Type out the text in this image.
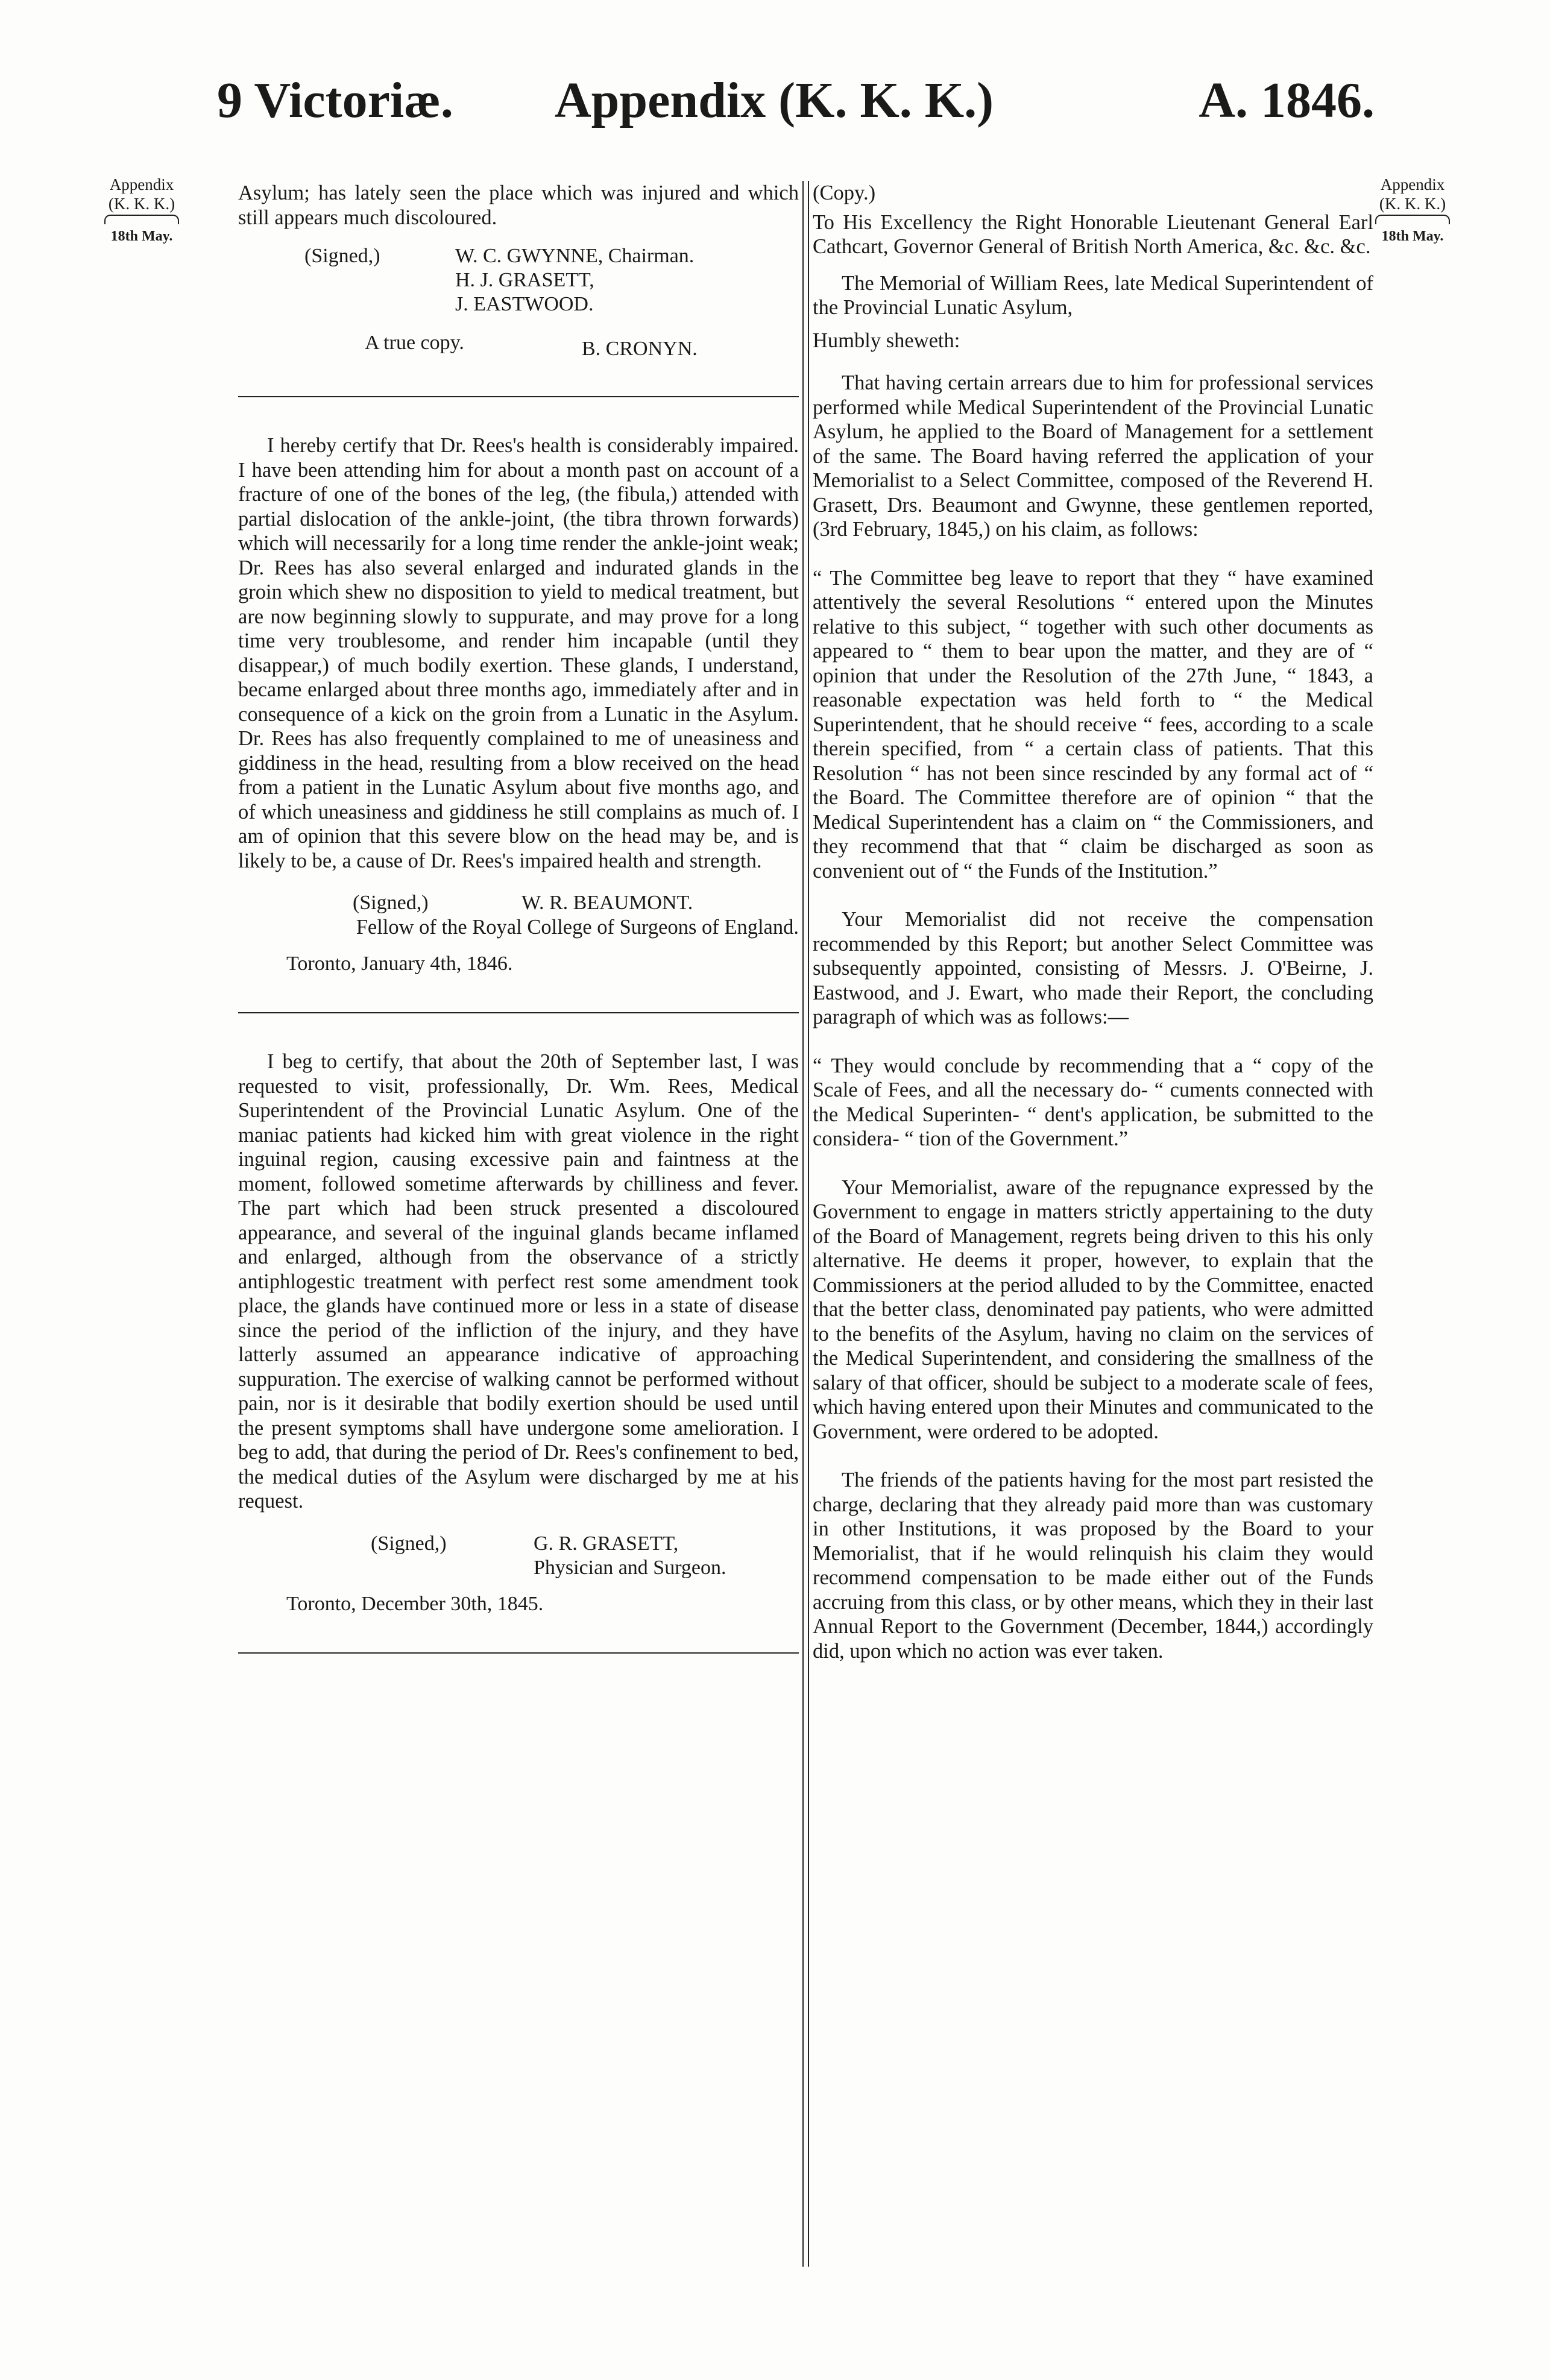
9 Victoriæ. Appendix (K. K. K.)	A. 1846.
Appendix
(K. K. K.)
18th May.
Appendix
(K. K. K.)
18th May.

Asylum; has lately seen the place which was injured and which still appears much discoloured.

(Signed,)	W. C. GWYNNE, Chairman.
H. J. GRASETT,
J. EASTWOOD.
A true copy.	B. CRONYN.

I hereby certify that Dr. Rees's health is considerably impaired. I have been attending him for about a month past on account of a fracture of one of the bones of the leg, (the fibula,) attended with partial dislocation of the ankle-joint, (the tibra thrown forwards) which will necessarily for a long time render the ankle-joint weak; Dr. Rees has also several enlarged and indurated glands in the groin which shew no disposition to yield to medical treatment, but are now beginning slowly to suppurate, and may prove for a long time very troublesome, and render him incapable (until they disappear,) of much bodily exertion. These glands, I understand, became enlarged about three months ago, immediately after and in consequence of a kick on the groin from a Lunatic in the Asylum. Dr. Rees has also frequently complained to me of uneasiness and giddiness in the head, resulting from a blow received on the head from a patient in the Lunatic Asylum about five months ago, and of which uneasiness and giddiness he still complains as much of. I am of opinion that this severe blow on the head may be, and is likely to be, a cause of Dr. Rees's impaired health and strength.

(Signed,)	W. R. BEAUMONT.

Fellow of the Royal College of Surgeons of England.

Toronto, January 4th, 1846.

I beg to certify, that about the 20th of September last, I was requested to visit, professionally, Dr. Wm. Rees, Medical Superintendent of the Provincial Lunatic Asylum. One of the maniac patients had kicked him with great violence in the right inguinal region, causing excessive pain and faintness at the moment, followed sometime afterwards by chilliness and fever. The part which had been struck presented a discoloured appearance, and several of the inguinal glands became inflamed and enlarged, although from the observance of a strictly antiphlogestic treatment with perfect rest some amendment took place, the glands have continued more or less in a state of disease since the period of the infliction of the injury, and they have latterly assumed an appearance indicative of approaching suppuration. The exercise of walking cannot be performed without pain, nor is it desirable that bodily exertion should be used until the present symptoms shall have undergone some amelioration. I beg to add, that during the period of Dr. Rees's confinement to bed, the medical duties of the Asylum were discharged by me at his request.

(Signed,)	G. R. GRASETT,
Physician and Surgeon.

Toronto, December 30th, 1845.

(Copy.)

To His Excellency the Right Honorable Lieutenant General Earl Cathcart, Governor General of British North America, &c. &c. &c.

The Memorial of William Rees, late Medical Superintendent of the Provincial Lunatic Asylum,

Humbly sheweth:

That having certain arrears due to him for professional services performed while Medical Superintendent of the Provincial Lunatic Asylum, he applied to the Board of Management for a settlement of the same. The Board having referred the application of your Memorialist to a Select Committee, composed of the Reverend H. Grasett, Drs. Beaumont and Gwynne, these gentlemen reported, (3rd February, 1845,) on his claim, as follows:

“ The Committee beg leave to report that they “ have examined attentively the several Resolutions “ entered upon the Minutes relative to this subject, “ together with such other documents as appeared to “ them to bear upon the matter, and they are of “ opinion that under the Resolution of the 27th June, “ 1843, a reasonable expectation was held forth to “ the Medical Superintendent, that he should receive “ fees, according to a scale therein specified, from “ a certain class of patients. That this Resolution “ has not been since rescinded by any formal act of “ the Board. The Committee therefore are of opinion “ that the Medical Superintendent has a claim on “ the Commissioners, and they recommend that that “ claim be discharged as soon as convenient out of “ the Funds of the Institution.”

Your Memorialist did not receive the compensation recommended by this Report; but another Select Committee was subsequently appointed, consisting of Messrs. J. O'Beirne, J. Eastwood, and J. Ewart, who made their Report, the concluding paragraph of which was as follows:—

“ They would conclude by recommending that a “ copy of the Scale of Fees, and all the necessary do- “ cuments connected with the Medical Superinten- “ dent's application, be submitted to the considera- “ tion of the Government.”

Your Memorialist, aware of the repugnance expressed by the Government to engage in matters strictly appertaining to the duty of the Board of Management, regrets being driven to this his only alternative. He deems it proper, however, to explain that the Commissioners at the period alluded to by the Committee, enacted that the better class, denominated pay patients, who were admitted to the benefits of the Asylum, having no claim on the services of the Medical Superintendent, and considering the smallness of the salary of that officer, should be subject to a moderate scale of fees, which having entered upon their Minutes and communicated to the Government, were ordered to be adopted.

The friends of the patients having for the most part resisted the charge, declaring that they already paid more than was customary in other Institutions, it was proposed by the Board to your Memorialist, that if he would relinquish his claim they would recommend compensation to be made either out of the Funds accruing from this class, or by other means, which they in their last Annual Report to the Government (December, 1844,) accordingly did, upon which no action was ever taken.
